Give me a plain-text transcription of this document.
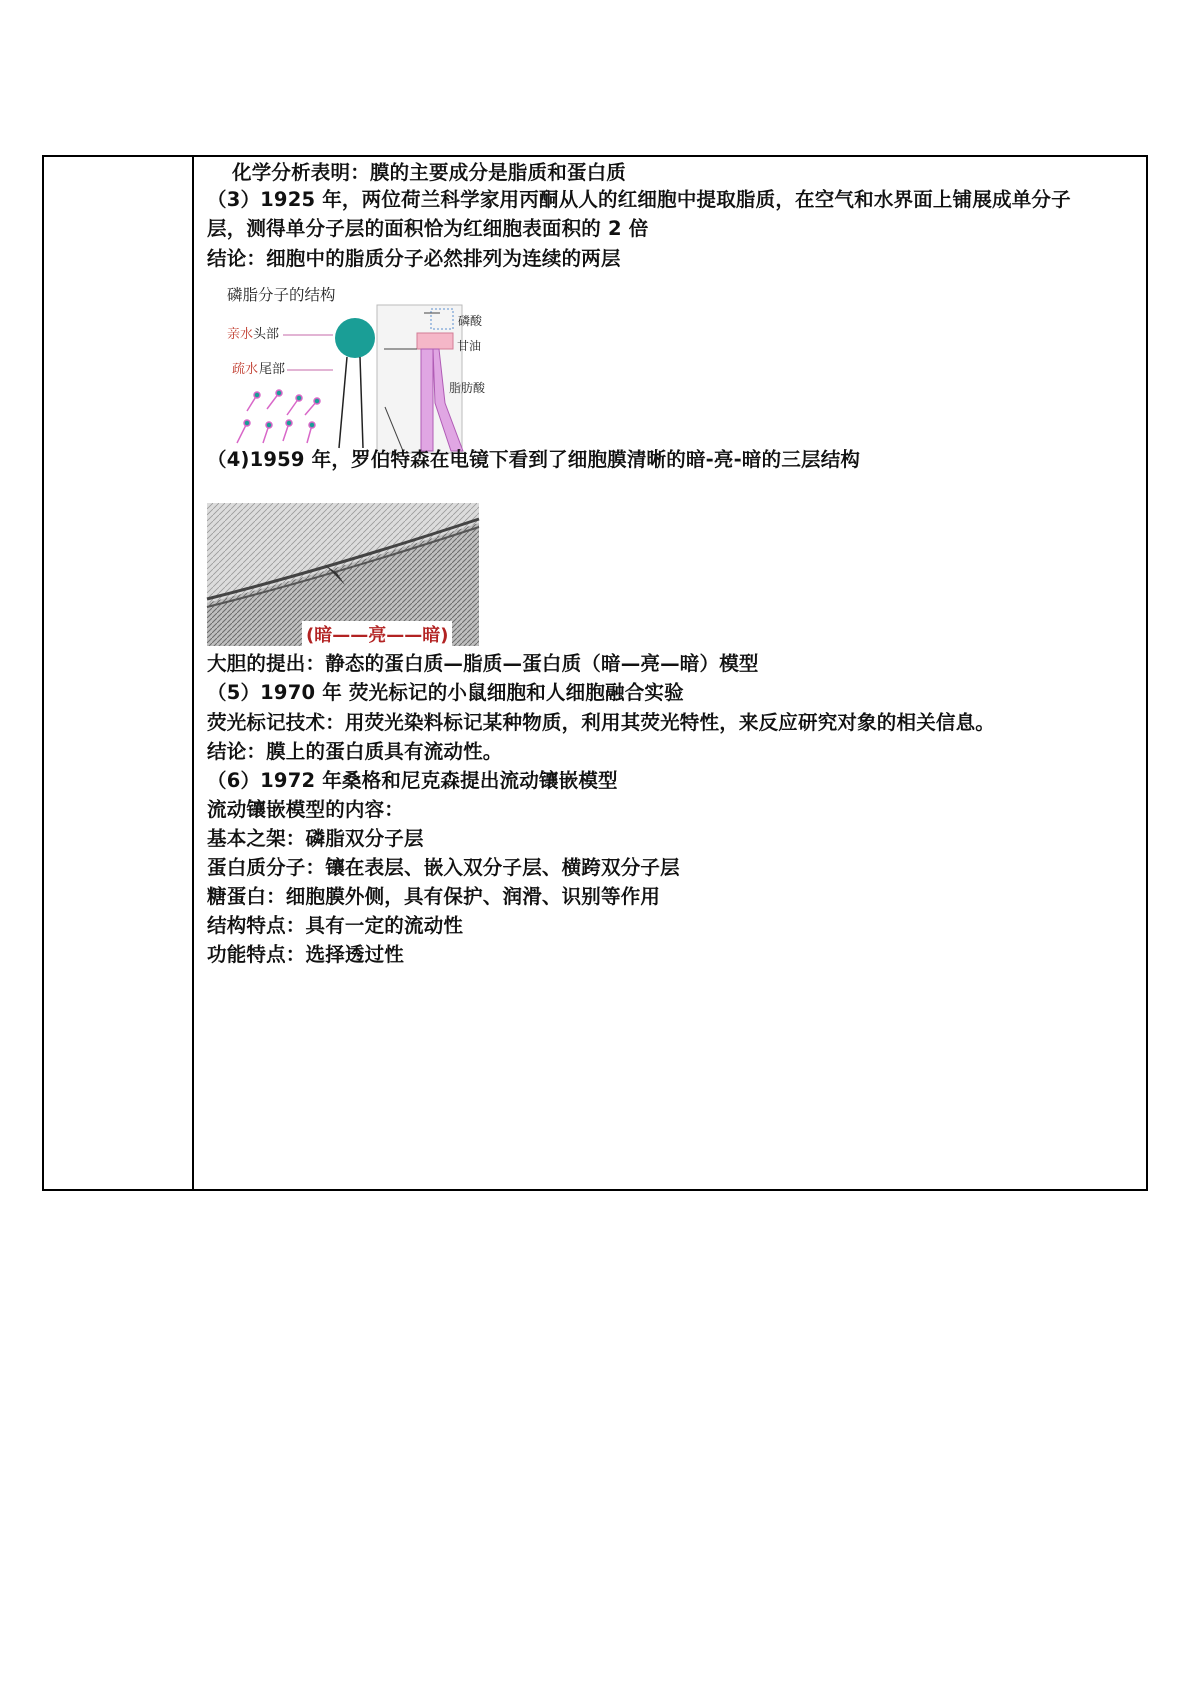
化学分析表明：膜的主要成分是脂质和蛋白质
（3）1925 年，两位荷兰科学家用丙酮从人的红细胞中提取脂质，在空气和水界面上铺展成单分子
层，测得单分子层的面积恰为红细胞表面积的 2 倍
结论：细胞中的脂质分子必然排列为连续的两层
磷脂分子的结构
亲水 头部
疏水 尾部
磷酸
甘油
脂肪酸
（4)1959 年，罗伯特森在电镜下看到了细胞膜清晰的暗-亮-暗的三层结构
(暗——亮——暗)
大胆的提出：静态的蛋白质—脂质—蛋白质（暗—亮—暗）模型
（5）1970 年 荧光标记的小鼠细胞和人细胞融合实验
荧光标记技术：用荧光染料标记某种物质，利用其荧光特性，来反应研究对象的相关信息。
结论：膜上的蛋白质具有流动性。
（6）1972 年桑格和尼克森提出流动镶嵌模型
流动镶嵌模型的内容：
基本之架：磷脂双分子层
蛋白质分子：镶在表层、嵌入双分子层、横跨双分子层
糖蛋白：细胞膜外侧，具有保护、润滑、识别等作用
结构特点：具有一定的流动性
功能特点：选择透过性
